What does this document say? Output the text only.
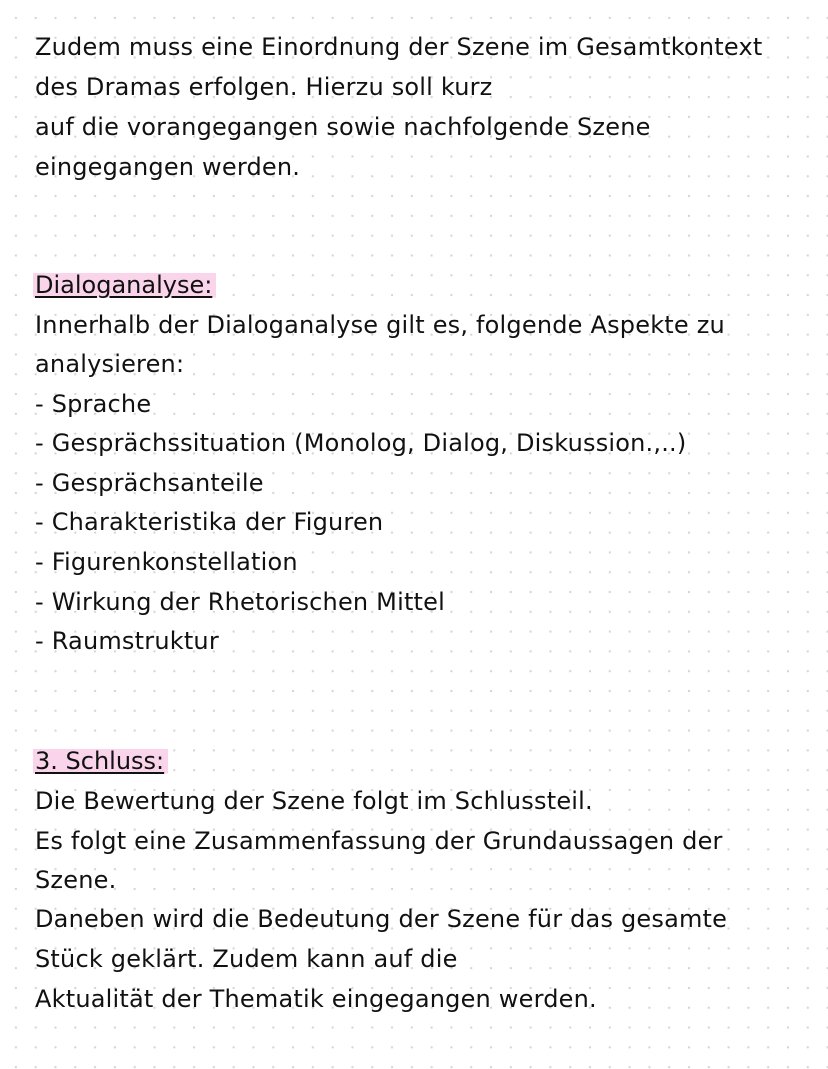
Zudem muss eine Einordnung der Szene im Gesamtkontext
des Dramas erfolgen. Hierzu soll kurz
auf die vorangegangen sowie nachfolgende Szene
eingegangen werden.
Dialoganalyse:
Innerhalb der Dialoganalyse gilt es, folgende Aspekte zu
analysieren:
- Sprache
- Gesprächssituation (Monolog, Dialog, Diskussion.,..)
- Gesprächsanteile
- Charakteristika der Figuren
- Figurenkonstellation
- Wirkung der Rhetorischen Mittel
- Raumstruktur
3. Schluss:
Die Bewertung der Szene folgt im Schlussteil.
Es folgt eine Zusammenfassung der Grundaussagen der
Szene.
Daneben wird die Bedeutung der Szene für das gesamte
Stück geklärt. Zudem kann auf die
Aktualität der Thematik eingegangen werden.
